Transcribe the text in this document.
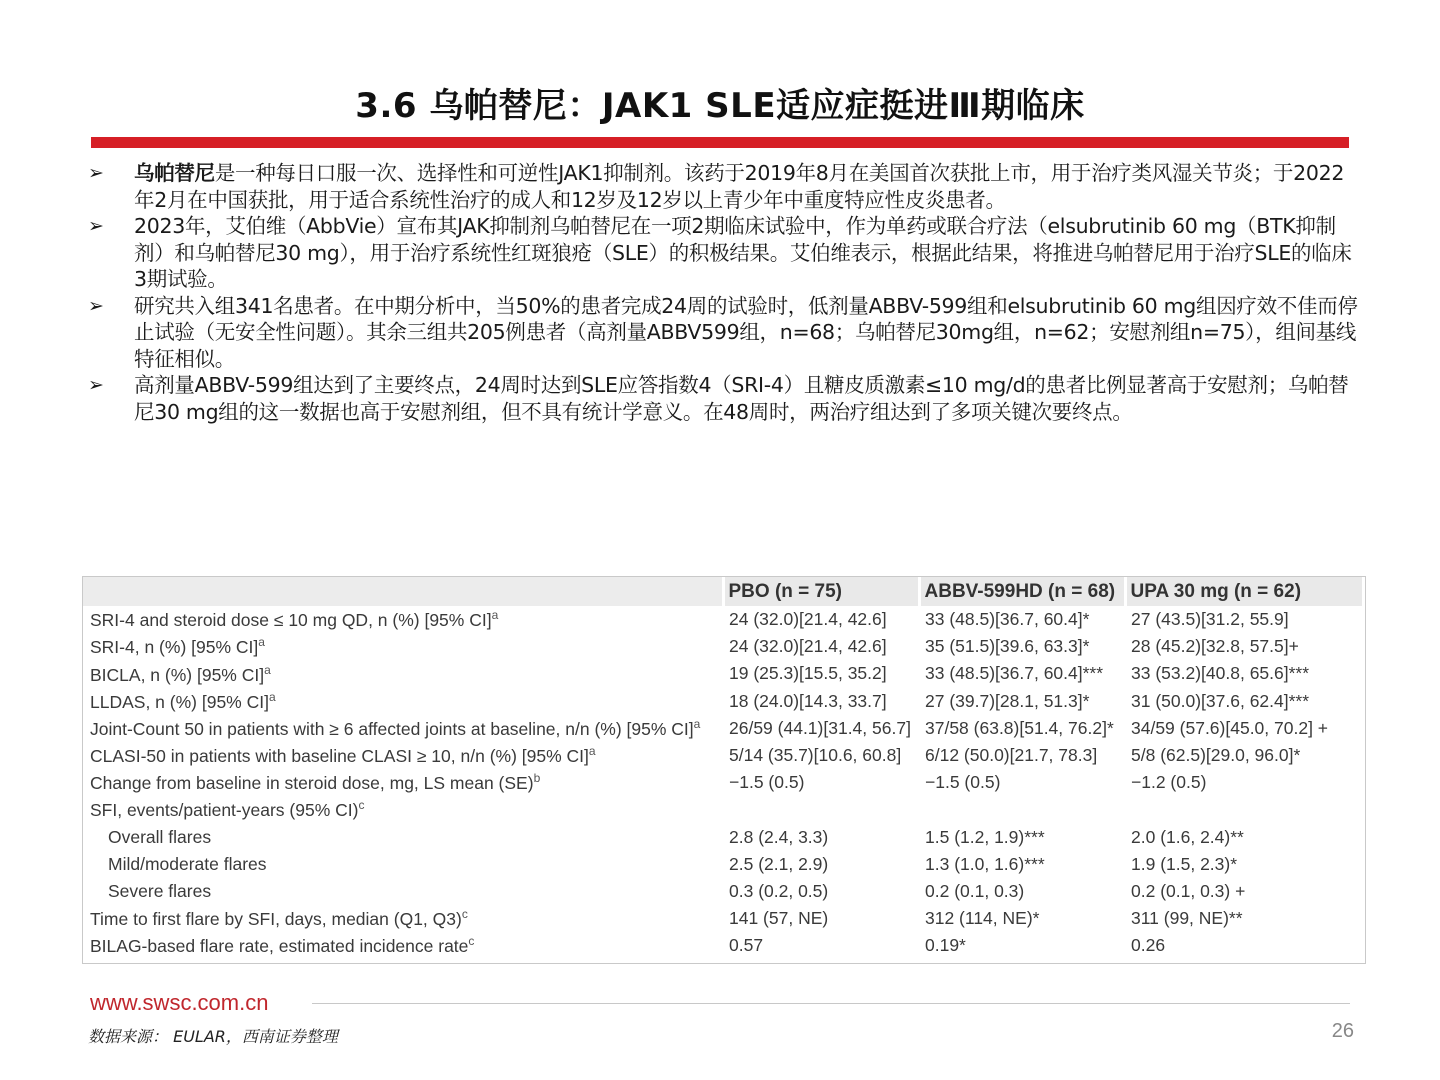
3.6 乌帕替尼：JAK1 SLE适应症挺进Ⅲ期临床
➢ 乌帕替尼是一种每日口服一次、选择性和可逆性JAK1抑制剂。该药于2019年8月在美国首次获批上市，用于治疗类风湿关节炎；于2022年2月在中国获批，用于适合系统性治疗的成人和12岁及12岁以上青少年中重度特应性皮炎患者。
➢ 2023年，艾伯维（AbbVie）宣布其JAK抑制剂乌帕替尼在一项2期临床试验中，作为单药或联合疗法（elsubrutinib 60 mg（BTK抑制剂）和乌帕替尼30 mg），用于治疗系统性红斑狼疮（SLE）的积极结果。艾伯维表示，根据此结果，将推进乌帕替尼用于治疗SLE的临床3期试验。
➢ 研究共入组341名患者。在中期分析中，当50%的患者完成24周的试验时，低剂量ABBV-599组和elsubrutinib 60 mg组因疗效不佳而停止试验（无安全性问题）。其余三组共205例患者（高剂量ABBV599组，n=68；乌帕替尼30mg组，n=62；安慰剂组n=75），组间基线特征相似。
➢ 高剂量ABBV-599组达到了主要终点，24周时达到SLE应答指数4（SRI-4）且糖皮质激素≤10 mg/d的患者比例显著高于安慰剂；乌帕替尼30 mg组的这一数据也高于安慰剂组，但不具有统计学意义。在48周时，两治疗组达到了多项关键次要终点。
	PBO (n = 75)	ABBV-599HD (n = 68)	UPA 30 mg (n = 62)
SRI-4 and steroid dose ≤ 10 mg QD, n (%) [95% CI]$^a$	24 (32.0)[21.4, 42.6]	33 (48.5)[36.7, 60.4]*	27 (43.5)[31.2, 55.9]
SRI-4, n (%) [95% CI]$^a$	24 (32.0)[21.4, 42.6]	35 (51.5)[39.6, 63.3]*	28 (45.2)[32.8, 57.5]+
BICLA, n (%) [95% CI]$^a$	19 (25.3)[15.5, 35.2]	33 (48.5)[36.7, 60.4]***	33 (53.2)[40.8, 65.6]***
LLDAS, n (%) [95% CI]$^a$	18 (24.0)[14.3, 33.7]	27 (39.7)[28.1, 51.3]*	31 (50.0)[37.6, 62.4]***
Joint-Count 50 in patients with ≥ 6 affected joints at baseline, n/n (%) [95% CI]$^a$	26/59 (44.1)[31.4, 56.7]	37/58 (63.8)[51.4, 76.2]*	34/59 (57.6)[45.0, 70.2] +
CLASI-50 in patients with baseline CLASI ≥ 10, n/n (%) [95% CI]$^a$	5/14 (35.7)[10.6, 60.8]	6/12 (50.0)[21.7, 78.3]	5/8 (62.5)[29.0, 96.0]*
Change from baseline in steroid dose, mg, LS mean (SE)$^b$	−1.5 (0.5)	−1.5 (0.5)	−1.2 (0.5)
SFI, events/patient-years (95% CI)$^c$			
Overall flares	2.8 (2.4, 3.3)	1.5 (1.2, 1.9)***	2.0 (1.6, 2.4)**
Mild/moderate flares	2.5 (2.1, 2.9)	1.3 (1.0, 1.6)***	1.9 (1.5, 2.3)*
Severe flares	0.3 (0.2, 0.5)	0.2 (0.1, 0.3)	0.2 (0.1, 0.3) +
Time to first flare by SFI, days, median (Q1, Q3)$^c$	141 (57, NE)	312 (114, NE)*	311 (99, NE)**
BILAG-based flare rate, estimated incidence rate$^c$	0.57	0.19*	0.26
www.swsc.com.cn
数据来源： EULAR，西南证券整理	26
